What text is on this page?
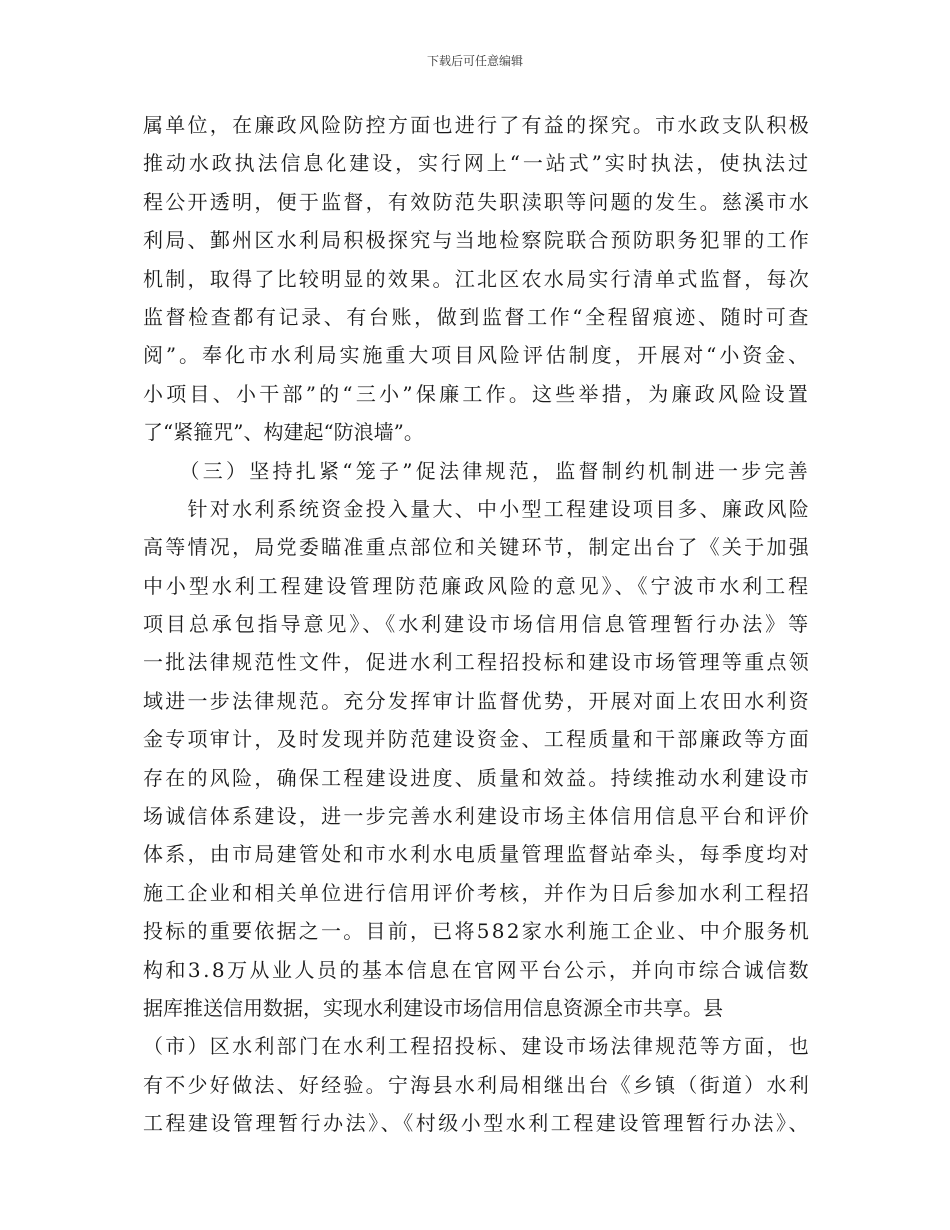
下载后可任意编辑
属单位，在廉政风险防控方面也进行了有益的探究。市水政支队积极
推动水政执法信息化建设，实行网上“一站式”实时执法，使执法过
程公开透明，便于监督，有效防范失职渎职等问题的发生。慈溪市水
利局、鄞州区水利局积极探究与当地检察院联合预防职务犯罪的工作
机制，取得了比较明显的效果。江北区农水局实行清单式监督，每次
监督检查都有记录、有台账，做到监督工作“全程留痕迹、随时可查
阅”。奉化市水利局实施重大项目风险评估制度，开展对“小资金、
小项目、小干部”的“三小”保廉工作。这些举措，为廉政风险设置
了“紧箍咒”、构建起“防浪墙”。
　　（三）坚持扎紧“笼子”促法律规范，监督制约机制进一步完善
　　针对水利系统资金投入量大、中小型工程建设项目多、廉政风险
高等情况，局党委瞄准重点部位和关键环节，制定出台了《关于加强
中小型水利工程建设管理防范廉政风险的意见》、《宁波市水利工程
项目总承包指导意见》、《水利建设市场信用信息管理暂行办法》等
一批法律规范性文件，促进水利工程招投标和建设市场管理等重点领
域进一步法律规范。充分发挥审计监督优势，开展对面上农田水利资
金专项审计，及时发现并防范建设资金、工程质量和干部廉政等方面
存在的风险，确保工程建设进度、质量和效益。持续推动水利建设市
场诚信体系建设，进一步完善水利建设市场主体信用信息平台和评价
体系，由市局建管处和市水利水电质量管理监督站牵头，每季度均对
施工企业和相关单位进行信用评价考核，并作为日后参加水利工程招
投标的重要依据之一。目前，已将582家水利施工企业、中介服务机
构和3.8万从业人员的基本信息在官网平台公示，并向市综合诚信数
据库推送信用数据，实现水利建设市场信用信息资源全市共享。县
（市）区水利部门在水利工程招投标、建设市场法律规范等方面，也
有不少好做法、好经验。宁海县水利局相继出台《乡镇（街道）水利
工程建设管理暂行办法》、《村级小型水利工程建设管理暂行办法》、
